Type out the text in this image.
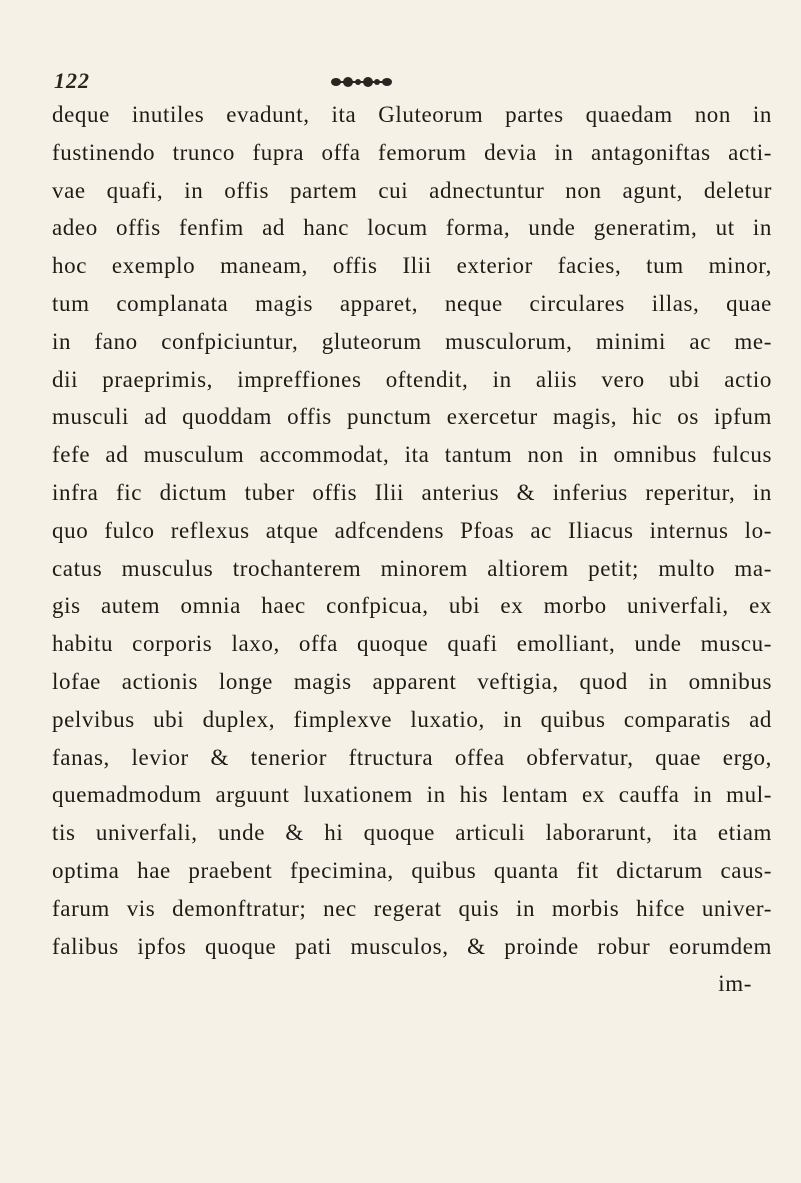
122
deque inutiles evadunt, ita Gluteorum partes quaedam non in
fustinendo trunco fupra offa femorum devia in antagoniftas acti-
vae quafi, in offis partem cui adnectuntur non agunt, deletur
adeo offis fenfim ad hanc locum forma, unde generatim, ut in
hoc exemplo maneam, offis Ilii exterior facies, tum minor,
tum complanata magis apparet, neque circulares illas, quae
in fano confpiciuntur, gluteorum musculorum, minimi ac me-
dii praeprimis, impreffiones oftendit, in aliis vero ubi actio
musculi ad quoddam offis punctum exercetur magis, hic os ipfum
fefe ad musculum accommodat, ita tantum non in omnibus fulcus
infra fic dictum tuber offis Ilii anterius & inferius reperitur, in
quo fulco reflexus atque adfcendens Pfoas ac Iliacus internus lo-
catus musculus trochanterem minorem altiorem petit; multo ma-
gis autem omnia haec confpicua, ubi ex morbo univerfali, ex
habitu corporis laxo, offa quoque quafi emolliant, unde muscu-
lofae actionis longe magis apparent veftigia, quod in omnibus
pelvibus ubi duplex, fimplexve luxatio, in quibus comparatis ad
fanas, levior & tenerior ftructura offea obfervatur, quae ergo,
quemadmodum arguunt luxationem in his lentam ex cauffa in mul-
tis univerfali, unde & hi quoque articuli laborarunt, ita etiam
optima hae praebent fpecimina, quibus quanta fit dictarum caus-
farum vis demonftratur; nec regerat quis in morbis hifce univer-
falibus ipfos quoque pati musculos, & proinde robur eorumdem
im-
